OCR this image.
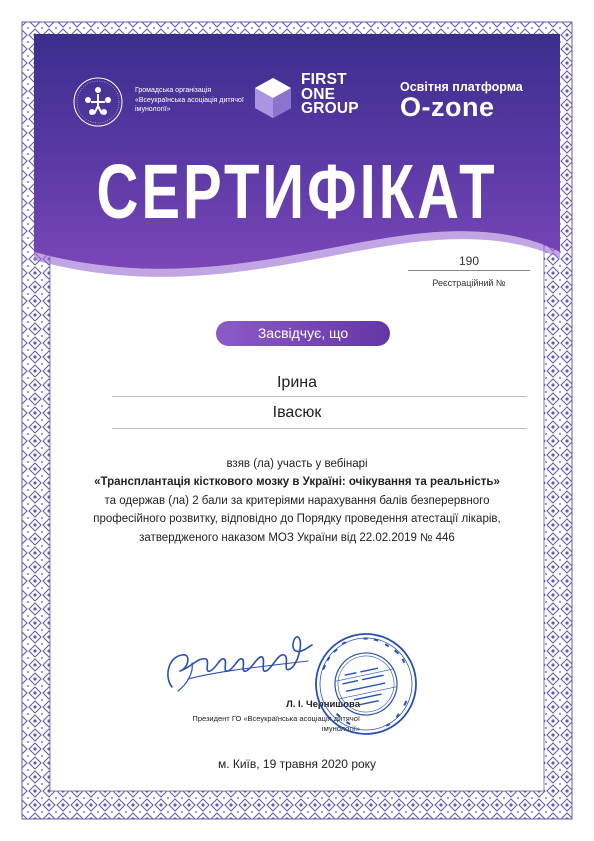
Громадська організація «Всеукраїнська асоціація дитячої імунології»
FIRST
ONE
GROUP
Освітня платформа
O-zone
СЕРТИФІКАТ
190
Реєстраційний №
Засвідчує, що
Ірина
Івасюк
взяв (ла) участь у вебінарі
«Трансплантація кісткового мозку в Україні: очікування та реальність»
та одержав (ла) 2 бали за критеріями нарахування балів безперервного
професійного розвитку, відповідно до Порядку проведення атестації лікарів,
затвердженого наказом МОЗ України від 22.02.2019 № 446
Л. І. Чернишова
Президент ГО «Всеукраїнська асоціація дитячої імунології»
м. Київ, 19 травня 2020 року
